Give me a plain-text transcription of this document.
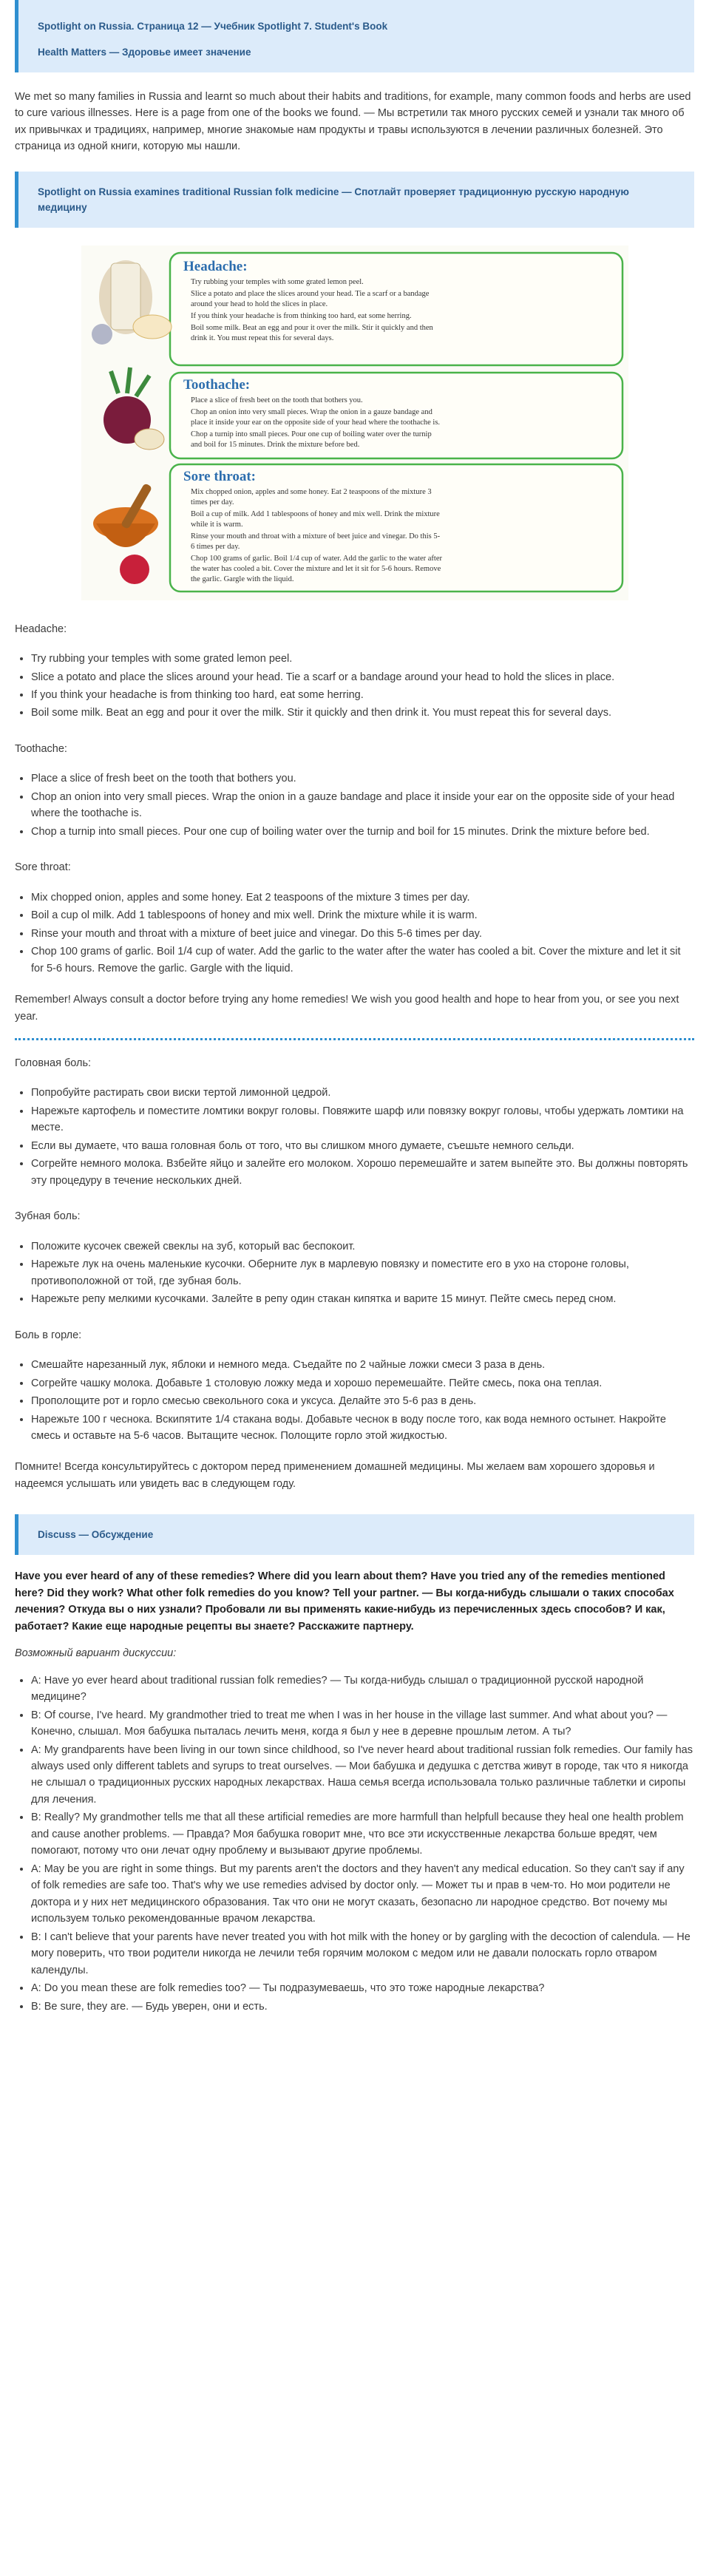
Spotlight on Russia. Страница 12 — Учебник Spotlight 7. Student's Book
Health Matters — Здоровье имеет значение

We met so many families in Russia and learnt so much about their habits and traditions, for example, many common foods and herbs are used to cure various illnesses. Here is a page from one of the books we found. — Мы встретили так много русских семей и узнали так много об их привычках и традициях, например, многие знакомые нам продукты и травы используются в лечении различных болезней. Это страница из одной книги, которую мы нашли.

Spotlight on Russia examines traditional Russian folk medicine — Спотлайт проверяет традиционную русскую народную медицину
Headache:
Try rubbing your temples with some grated lemon peel.
Slice a potato and place the slices around your head. Tie a scarf or a bandage
around your head to hold the slices in place.
If you think your headache is from thinking too hard, eat some herring.
Boil some milk. Beat an egg and pour it over the milk. Stir it quickly and then
drink it. You must repeat this for several days.
Toothache:
Place a slice of fresh beet on the tooth that bothers you.
Chop an onion into very small pieces. Wrap the onion in a gauze bandage and
place it inside your ear on the opposite side of your head where the toothache is.
Chop a turnip into small pieces. Pour one cup of boiling water over the turnip
and boil for 15 minutes. Drink the mixture before bed.
Sore throat:
Mix chopped onion, apples and some honey. Eat 2 teaspoons of the mixture 3
times per day.
Boil a cup of milk. Add 1 tablespoons of honey and mix well. Drink the mixture
while it is warm.
Rinse your mouth and throat with a mixture of beet juice and vinegar. Do this 5-
6 times per day.
Chop 100 grams of garlic. Boil 1/4 cup of water. Add the garlic to the water after
the water has cooled a bit. Cover the mixture and let it sit for 5-6 hours. Remove
the garlic. Gargle with the liquid.
Headache:
• Try rubbing your temples with some grated lemon peel.
• Slice a potato and place the slices around your head. Tie a scarf or a bandage around your head to hold the slices in place.
• If you think your headache is from thinking too hard, eat some herring.
• Boil some milk. Beat an egg and pour it over the milk. Stir it quickly and then drink it. You must repeat this for several days.
Toothache:
• Place a slice of fresh beet on the tooth that bothers you.
• Chop an onion into very small pieces. Wrap the onion in a gauze bandage and place it inside your ear on the opposite side of your head where the toothache is.
• Chop a turnip into small pieces. Pour one cup of boiling water over the turnip and boil for 15 minutes. Drink the mixture before bed.
Sore throat:
• Mix chopped onion, apples and some honey. Eat 2 teaspoons of the mixture 3 times per day.
• Boil a cup ol milk. Add 1 tablespoons of honey and mix well. Drink the mixture while it is warm.
• Rinse your mouth and throat with a mixture of beet juice and vinegar. Do this 5-6 times per day.
• Chop 100 grams of garlic. Boil 1/4 cup of water. Add the garlic to the water after the water has cooled a bit. Cover the mixture and let it sit for 5-6 hours. Remove the garlic. Gargle with the liquid.

Remember! Always consult a doctor before trying any home remedies! We wish you good health and hope to hear from you, or see you next year.

Головная боль:
• Попробуйте растирать свои виски тертой лимонной цедрой.
• Нарежьте картофель и поместите ломтики вокруг головы. Повяжите шарф или повязку вокруг головы, чтобы удержать ломтики на месте.
• Если вы думаете, что ваша головная боль от того, что вы слишком много думаете, съешьте немного сельди.
• Согрейте немного молока. Взбейте яйцо и залейте его молоком. Хорошо перемешайте и затем выпейте это. Вы должны повторять эту процедуру в течение нескольких дней.
Зубная боль:
• Положите кусочек свежей свеклы на зуб, который вас беспокоит.
• Нарежьте лук на очень маленькие кусочки. Оберните лук в марлевую повязку и поместите его в ухо на стороне головы, противоположной от той, где зубная боль.
• Нарежьте репу мелкими кусочками. Залейте в репу один стакан кипятка и варите 15 минут. Пейте смесь перед сном.
Боль в горле:
• Смешайте нарезанный лук, яблоки и немного меда. Съедайте по 2 чайные ложки смеси 3 раза в день.
• Согрейте чашку молока. Добавьте 1 столовую ложку меда и хорошо перемешайте. Пейте смесь, пока она теплая.
• Прополощите рот и горло смесью свекольного сока и уксуса. Делайте это 5-6 раз в день.
• Нарежьте 100 г чеснока. Вскипятите 1/4 стакана воды. Добавьте чеснок в воду после того, как вода немного остынет. Накройте смесь и оставьте на 5-6 часов. Вытащите чеснок. Полощите горло этой жидкостью.

Помните! Всегда консультируйтесь с доктором перед применением домашней медицины. Мы желаем вам хорошего здоровья и надеемся услышать или увидеть вас в следующем году.

Discuss — Обсуждение

Have you ever heard of any of these remedies? Where did you learn about them? Have you tried any of the remedies mentioned here? Did they work? What other folk remedies do you know? Tell your partner. — Вы когда-нибудь слышали о таких способах лечения? Откуда вы о них узнали? Пробовали ли вы применять какие-нибудь из перечисленных здесь способов? И как, работает? Какие еще народные рецепты вы знаете? Расскажите партнеру.

Возможный вариант дискуссии:

• A: Have yo ever heard about traditional russian folk remedies? — Ты когда-нибудь слышал о традиционной русской народной медицине?
• B: Of course, I've heard. My grandmother tried to treat me when I was in her house in the village last summer. And what about you? — Конечно, слышал. Моя бабушка пыталась лечить меня, когда я был у нее в деревне прошлым летом. А ты?
• A: My grandparents have been living in our town since childhood, so I've never heard about traditional russian folk remedies. Our family has always used only different tablets and syrups to treat ourselves. — Мои бабушка и дедушка с детства живут в городе, так что я никогда не слышал о традиционных русских народных лекарствах. Наша семья всегда использовала только различные таблетки и сиропы для лечения.
• B: Really? My grandmother tells me that all these artificial remedies are more harmfull than helpfull because they heal one health problem and cause another problems. — Правда? Моя бабушка говорит мне, что все эти искусственные лекарства больше вредят, чем помогают, потому что они лечат одну проблему и вызывают другие проблемы.
• A: May be you are right in some things. But my parents aren't the doctors and they haven't any medical education. So they can't say if any of folk remedies are safe too. That's why we use remedies advised by doctor only. — Может ты и прав в чем-то. Но мои родители не доктора и у них нет медицинского образования. Так что они не могут сказать, безопасно ли народное средство. Вот почему мы используем только рекомендованные врачом лекарства.
• B: I can't believe that your parents have never treated you with hot milk with the honey or by gargling with the decoction of calendula. — Не могу поверить, что твои родители никогда не лечили тебя горячим молоком с медом или не давали полоскать горло отваром календулы.
• A: Do you mean these are folk remedies too? — Ты подразумеваешь, что это тоже народные лекарства?
• B: Be sure, they are. — Будь уверен, они и есть.
